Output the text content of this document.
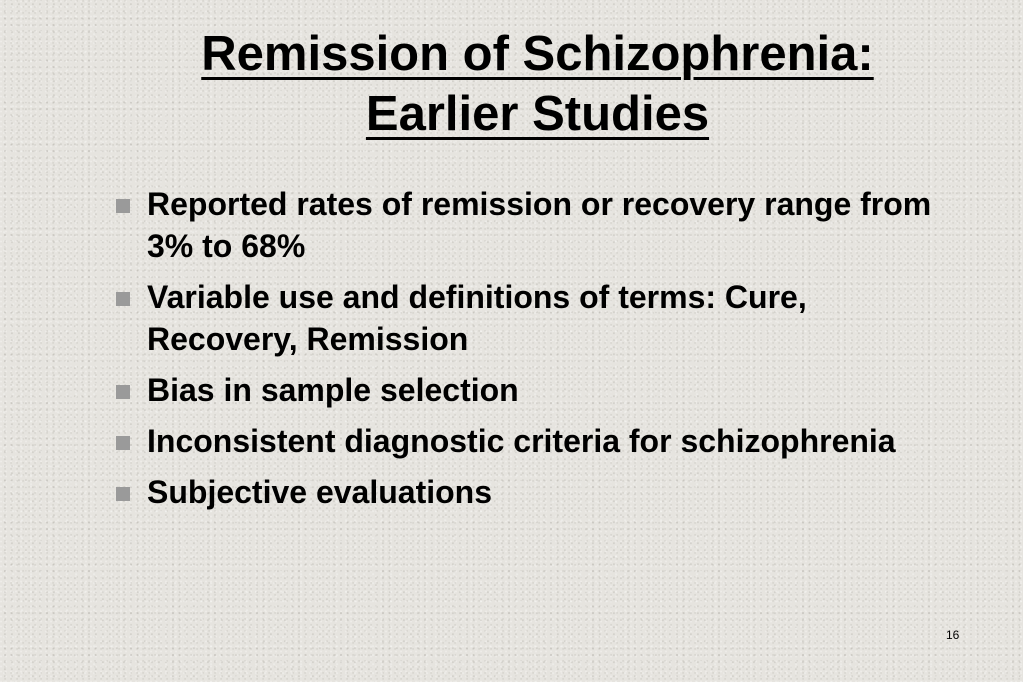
Remission of Schizophrenia:
Earlier Studies
Reported rates of remission or recovery range from 3% to 68%
Variable use and definitions of terms: Cure, Recovery, Remission
Bias in sample selection
Inconsistent diagnostic criteria for schizophrenia
Subjective evaluations
16
